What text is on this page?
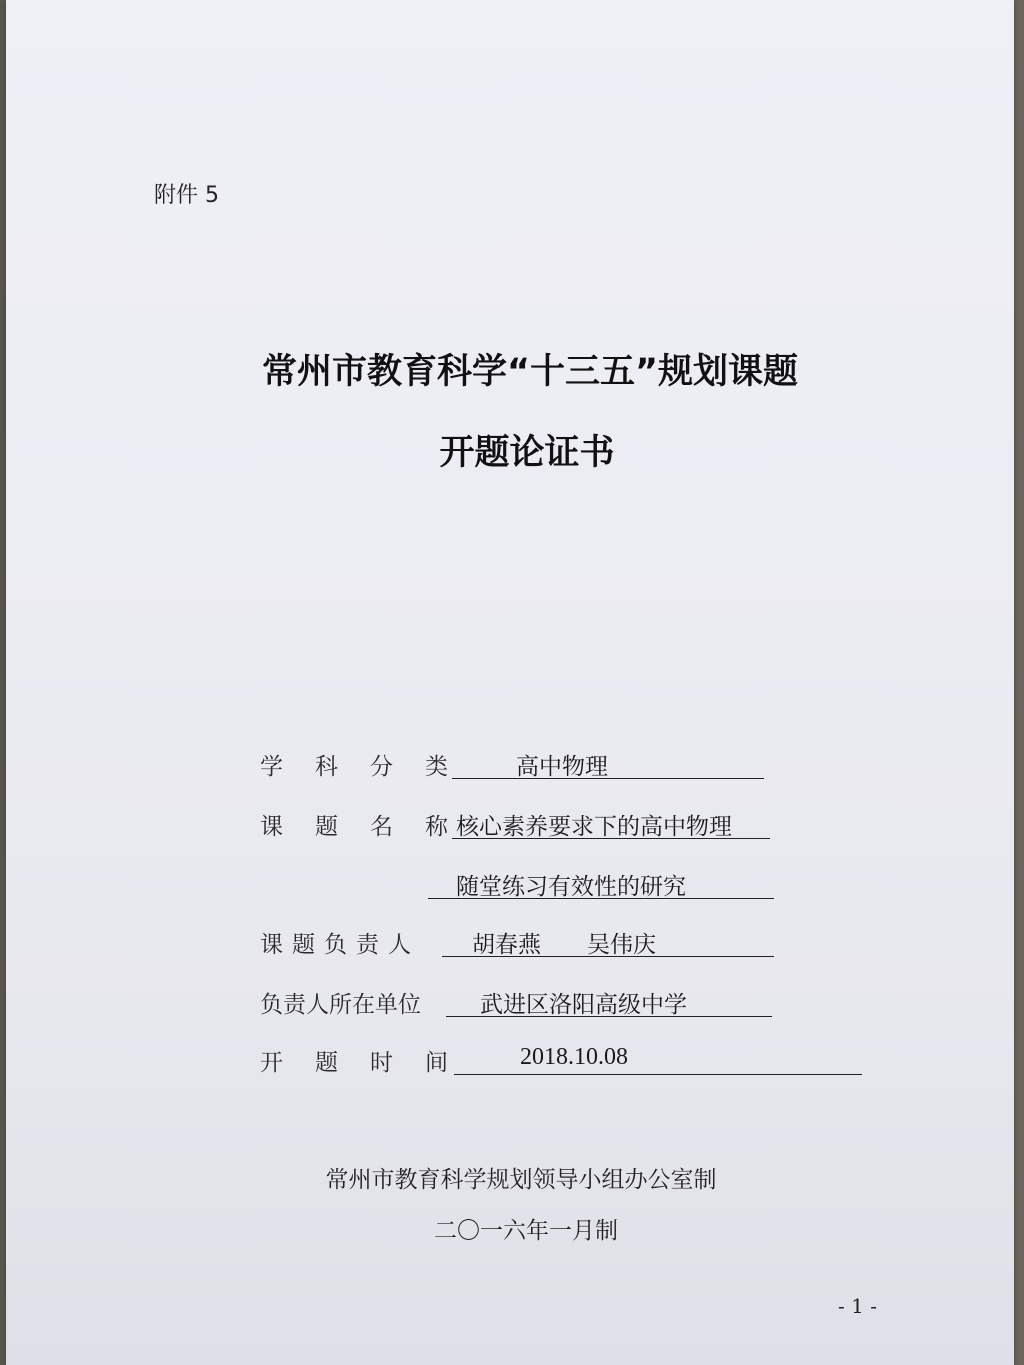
附件 5
常州市教育科学“十三五”规划课题
开题论证书
学科分类 高中物理
课题名称
核心素养要求下的高中物理
随堂练习有效性的研究
课题负责人 胡春燕　　吴伟庆
负责人所在单位	武进区洛阳高级中学
开题时间 2018.10.08
常州市教育科学规划领导小组办公室制
二〇一六年一月制
- 1 -
